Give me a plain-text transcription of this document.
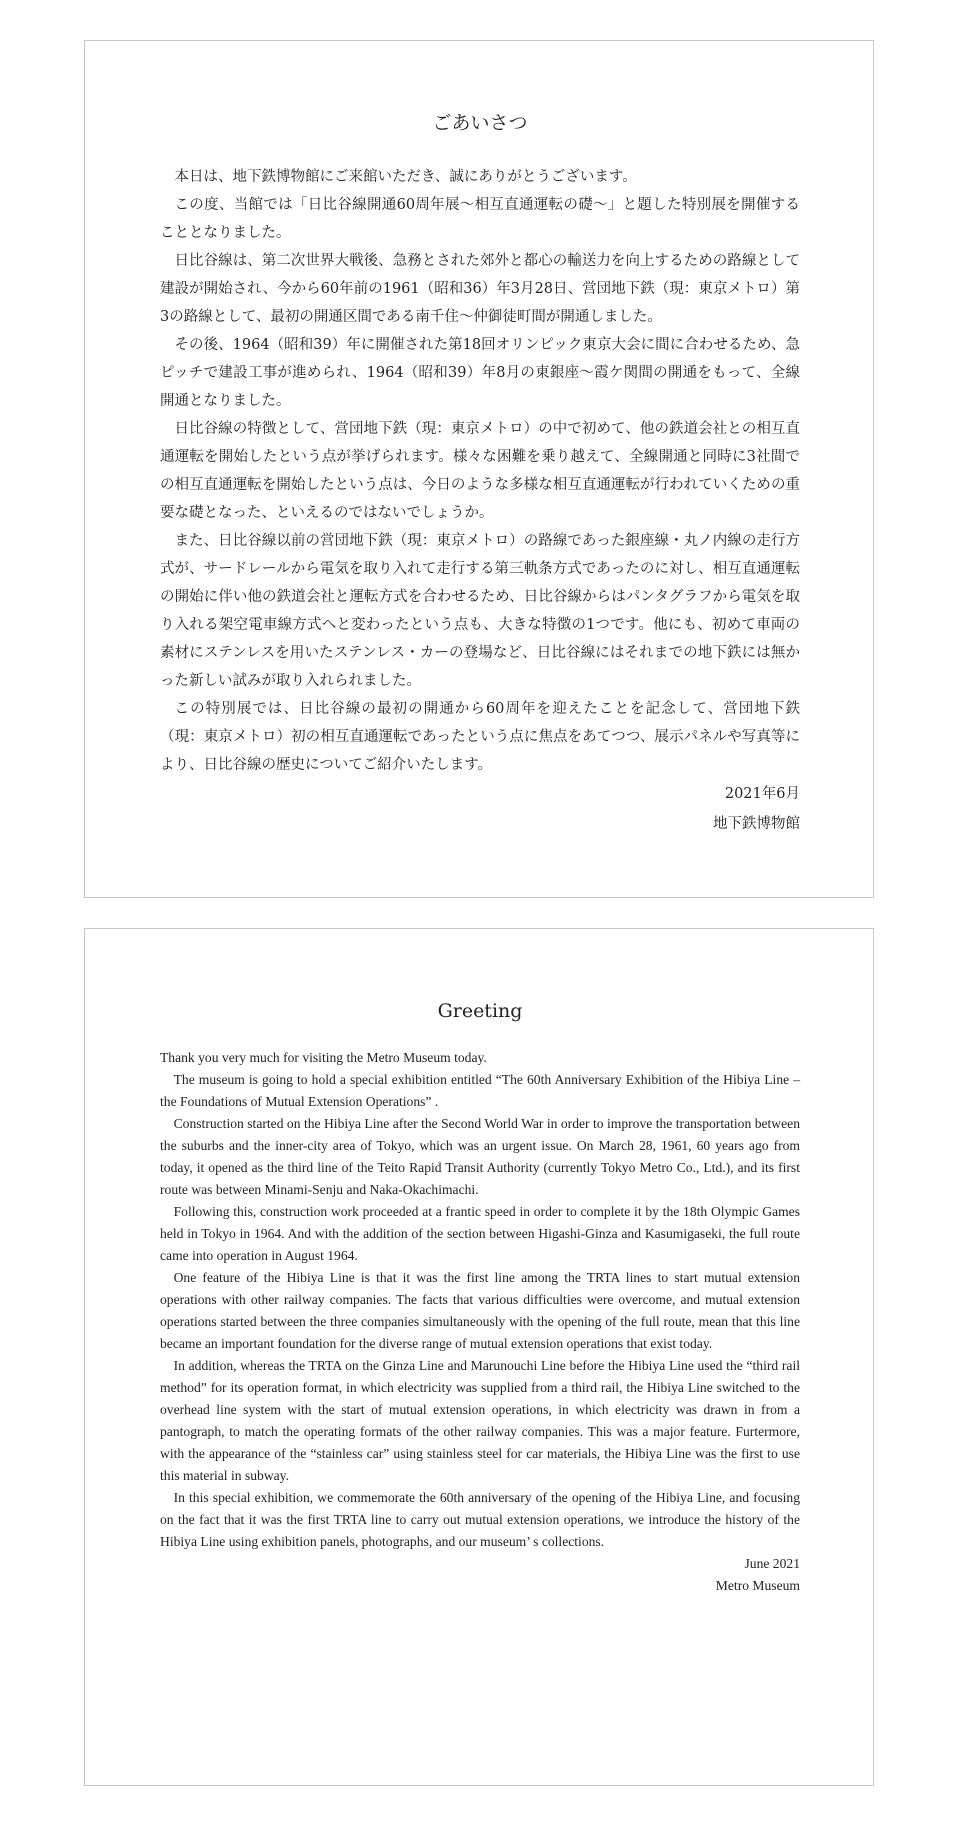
ごあいさつ

本日は、地下鉄博物館にご来館いただき、誠にありがとうございます。

この度、当館では「日比谷線開通60周年展～相互直通運転の礎～」と題した特別展を開催することとなりました。

日比谷線は、第二次世界大戦後、急務とされた郊外と都心の輸送力を向上するための路線として建設が開始され、今から60年前の1961（昭和36）年3月28日、営団地下鉄（現：東京メトロ）第3の路線として、最初の開通区間である南千住～仲御徒町間が開通しました。

その後、1964（昭和39）年に開催された第18回オリンピック東京大会に間に合わせるため、急ピッチで建設工事が進められ、1964（昭和39）年8月の東銀座～霞ケ関間の開通をもって、全線開通となりました。

日比谷線の特徴として、営団地下鉄（現：東京メトロ）の中で初めて、他の鉄道会社との相互直通運転を開始したという点が挙げられます。様々な困難を乗り越えて、全線開通と同時に3社間での相互直通運転を開始したという点は、今日のような多様な相互直通運転が行われていくための重要な礎となった、といえるのではないでしょうか。

また、日比谷線以前の営団地下鉄（現：東京メトロ）の路線であった銀座線・丸ノ内線の走行方式が、サードレールから電気を取り入れて走行する第三軌条方式であったのに対し、相互直通運転の開始に伴い他の鉄道会社と運転方式を合わせるため、日比谷線からはパンタグラフから電気を取り入れる架空電車線方式へと変わったという点も、大きな特徴の1つです。他にも、初めて車両の素材にステンレスを用いたステンレス・カーの登場など、日比谷線にはそれまでの地下鉄には無かった新しい試みが取り入れられました。

この特別展では、日比谷線の最初の開通から60周年を迎えたことを記念して、営団地下鉄（現：東京メトロ）初の相互直通運転であったという点に焦点をあてつつ、展示パネルや写真等により、日比谷線の歴史についてご紹介いたします。

2021年6月

地下鉄博物館

Greeting

Thank you very much for visiting the Metro Museum today.

The museum is going to hold a special exhibition entitled “The 60th Anniversary Exhibition of the Hibiya Line – the Foundations of Mutual Extension Operations” .

Construction started on the Hibiya Line after the Second World War in order to improve the transportation between the suburbs and the inner-city area of Tokyo, which was an urgent issue. On March 28, 1961, 60 years ago from today, it opened as the third line of the Teito Rapid Transit Authority (currently Tokyo Metro Co., Ltd.), and its first route was between Minami-Senju and Naka-Okachimachi.

Following this, construction work proceeded at a frantic speed in order to complete it by the 18th Olympic Games held in Tokyo in 1964. And with the addition of the section between Higashi-Ginza and Kasumigaseki, the full route came into operation in August 1964.

One feature of the Hibiya Line is that it was the first line among the TRTA lines to start mutual extension operations with other railway companies. The facts that various difficulties were overcome, and mutual extension operations started between the three companies simultaneously with the opening of the full route, mean that this line became an important foundation for the diverse range of mutual extension operations that exist today.

In addition, whereas the TRTA on the Ginza Line and Marunouchi Line before the Hibiya Line used the “third rail method” for its operation format, in which electricity was supplied from a third rail, the Hibiya Line switched to the overhead line system with the start of mutual extension operations, in which electricity was drawn in from a pantograph, to match the operating formats of the other railway companies. This was a major feature. Furtermore, with the appearance of the “stainless car” using stainless steel for car materials, the Hibiya Line was the first to use this material in subway.

In this special exhibition, we commemorate the 60th anniversary of the opening of the Hibiya Line, and focusing on the fact that it was the first TRTA line to carry out mutual extension operations, we introduce the history of the Hibiya Line using exhibition panels, photographs, and our museum’ s collections.

June 2021

Metro Museum
